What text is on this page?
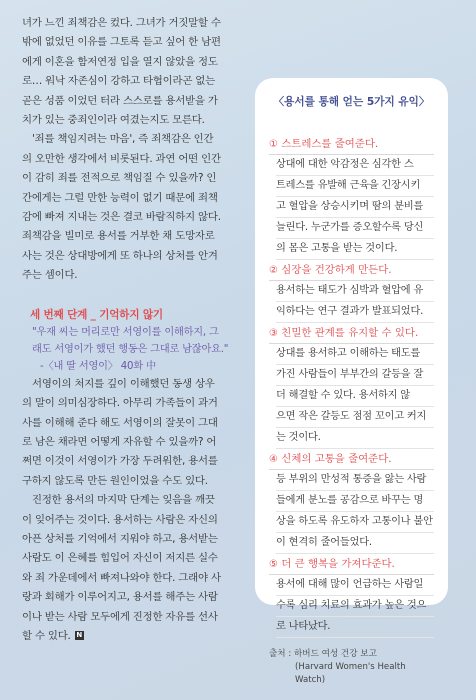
녀가 느낀 죄책감은 컸다. 그녀가 거짓말할 수

밖에 없었던 이유를 그토록 듣고 싶어 한 남편

에게 이혼을 함저연정 입을 열지 않았을 정도

로… 워낙 자존심이 강하고 타협이라곤 없는

곧은 성품 이었던 터라 스스로를 용서받을 가

치가 있는 중죄인이라 여겼는지도 모른다.

'죄를 책임지려는 마음', 즉 죄책감은 인간

의 오만한 생각에서 비롯된다. 과연 어떤 인간

이 감히 죄를 전적으로 책임질 수 있을까? 인

간에게는 그럴 만한 능력이 없기 때문에 죄책

감에 빠져 지내는 것은 결코 바람직하지 않다.

죄책감을 빌미로 용서를 거부한 채 도망자로

사는 것은 상대방에게 또 하나의 상처를 안겨

주는 셈이다.

세 번째 단계 _ 기억하지 않기

"우재 씨는 머리로만 서영이를 이해하지, 그

래도 서영이가 했던 행동은 그대로 남잖아요."

-〈내 딸 서영이〉 40화 中

서영이의 처지를 깊이 이해했던 동생 상우

의 말이 의미심장하다. 아무리 가족들이 과거

사를 이해해 준다 해도 서영이의 잘못이 그대

로 남은 채라면 어떻게 자유할 수 있을까? 어

쩌면 이것이 서영이가 가장 두려워한, 용서를

구하지 않도록 만든 원인이었을 수도 있다.

진정한 용서의 마지막 단계는 잊음을 깨끗

이 잊어주는 것이다. 용서하는 사람은 자신의

아픈 상처를 기억에서 지워야 하고, 용서받는

사람도 이 은혜를 힘입어 자신이 저지른 실수

와 죄 가운데에서 빠져나와야 한다. 그래야 사

랑과 회해가 이루어지고, 용서를 해주는 사람

이나 받는 사람 모두에게 진정한 자유를 선사

할 수 있다. N

〈용서를 통해 얻는 5가지 유익〉

① 스트레스를 줄여준다.

상대에 대한 악감정은 심각한 스
트레스를 유발해 근육을 긴장시키
고 혈압을 상승시키며 땀의 분비를
늘린다. 누군가를 증오할수록 당신
의 몸은 고통을 받는 것이다.

② 심장을 건강하게 만든다.

용서하는 태도가 심박과 혈압에 유
익하다는 연구 결과가 발표되었다.

③ 친밀한 관계를 유지할 수 있다.

상대를 용서하고 이해하는 태도를
가진 사람들이 부부간의 갈등을 잘
더 해결할 수 있다. 용서하지 않
으면 작은 갈등도 점점 꼬이고 커지
는 것이다.

④ 신체의 고통을 줄여준다.

등 부위의 만성적 통증을 앓는 사람
들에게 분노를 공감으로 바꾸는 명
상을 하도록 유도하자 고통이나 불안
이 현격히 줄어들었다.

⑤ 더 큰 행복을 가져다준다.

용서에 대해 많이 언급하는 사람일
수록 심리 치료의 효과가 높은 것으
로 나타났다.

출처 : 하버드 여성 건강 보고
(Harvard Women's Health Watch)
